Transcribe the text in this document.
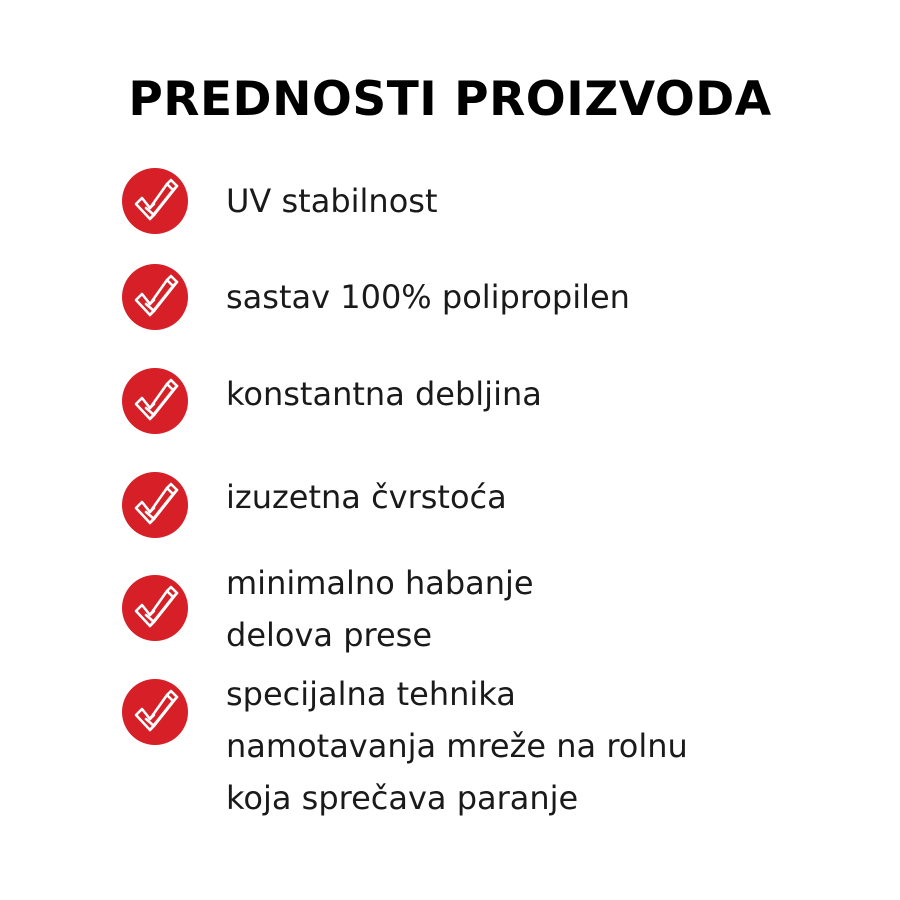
PREDNOSTI PROIZVODA
UV stabilnost
sastav 100% polipropilen
konstantna debljina
izuzetna čvrstoća
minimalno habanje
delova prese
specijalna tehnika
namotavanja mreže na rolnu
koja sprečava paranje
